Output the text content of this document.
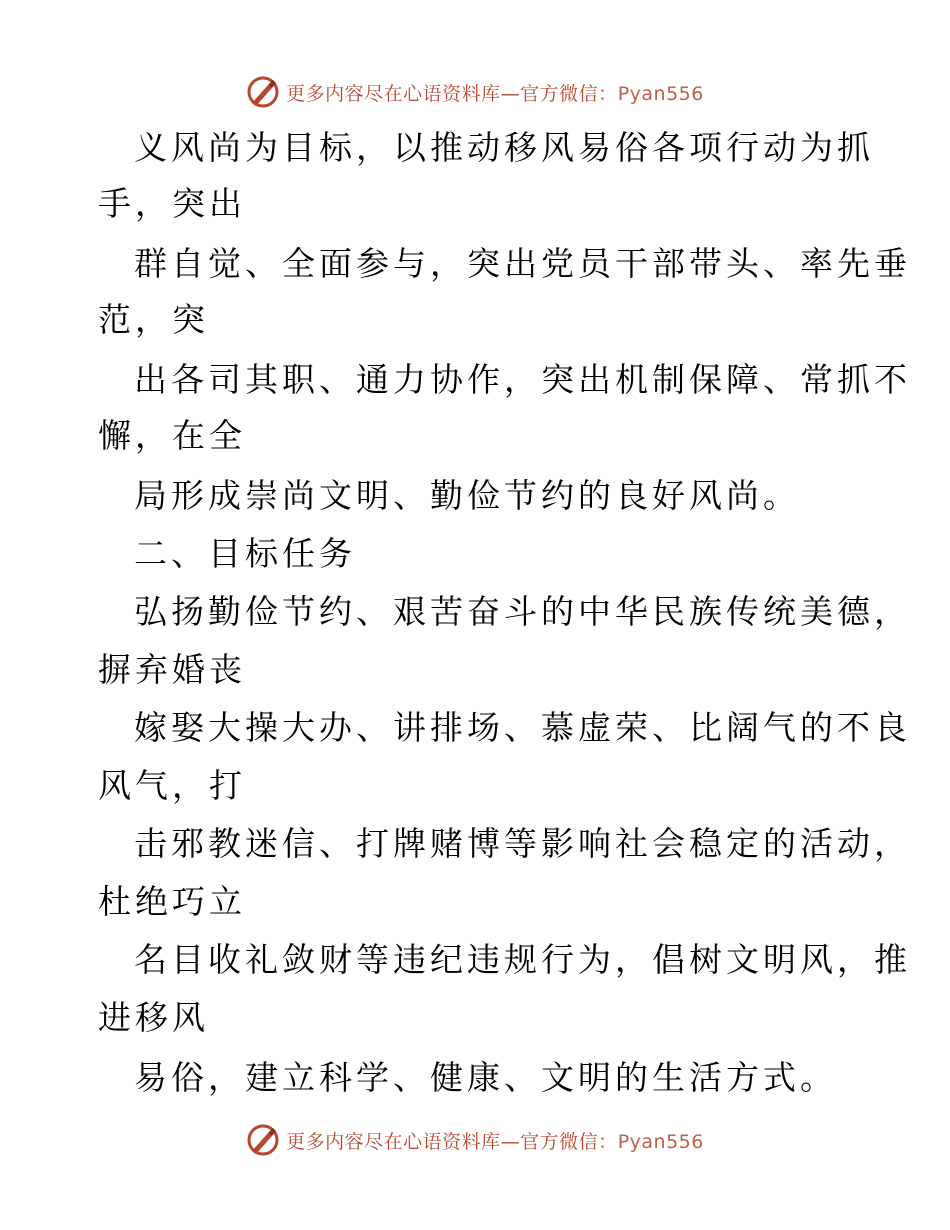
更多内容尽在心语资料库—官方微信：Pyan556
义风尚为目标，以推动移风易俗各项行动为抓
手，突出
群自觉、全面参与，突出党员干部带头、率先垂
范，突
出各司其职、通力协作，突出机制保障、常抓不
懈，在全
局形成崇尚文明、勤俭节约的良好风尚。
二、目标任务
弘扬勤俭节约、艰苦奋斗的中华民族传统美德，
摒弃婚丧
嫁娶大操大办、讲排场、慕虚荣、比阔气的不良
风气，打
击邪教迷信、打牌赌博等影响社会稳定的活动，
杜绝巧立
名目收礼敛财等违纪违规行为，倡树文明风，推
进移风
易俗，建立科学、健康、文明的生活方式。
更多内容尽在心语资料库—官方微信：Pyan556
